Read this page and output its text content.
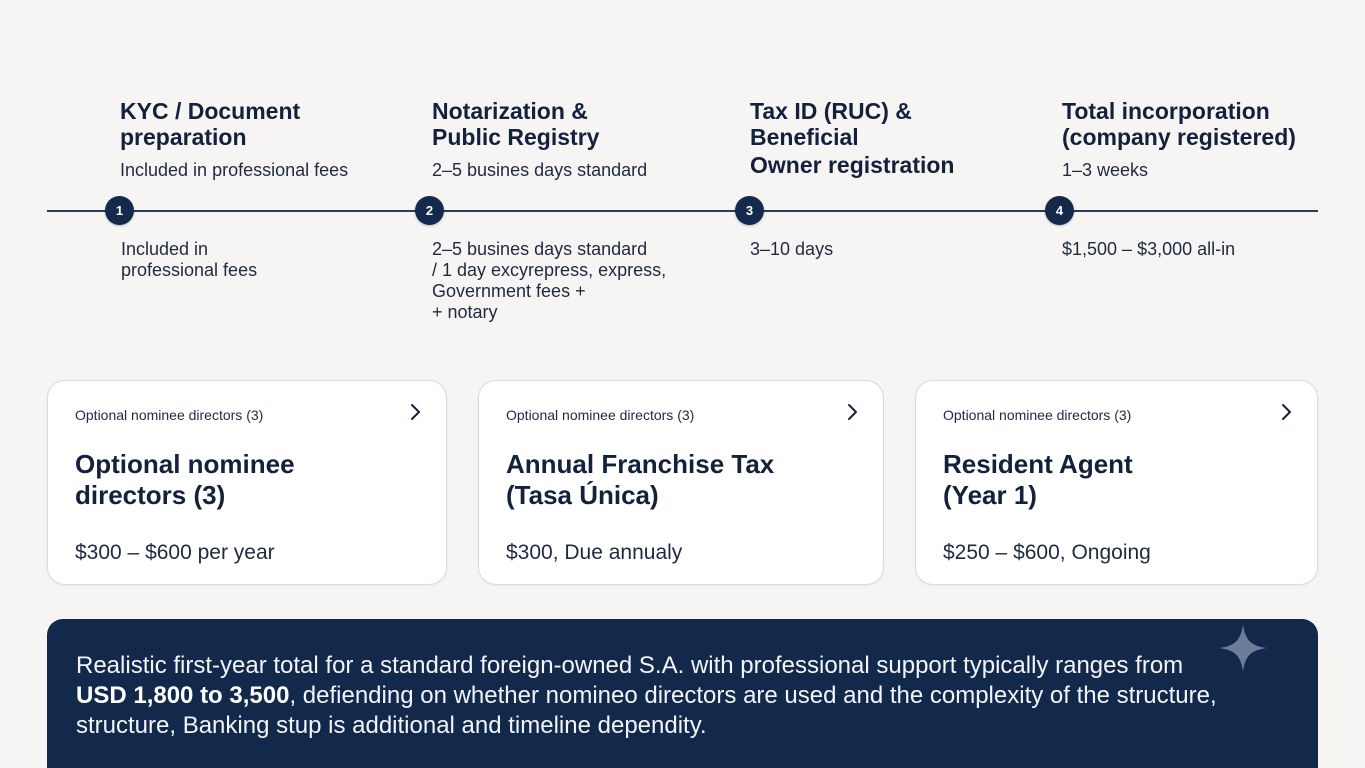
KYC / Document
preparation
Included in professional fees
1
Included in
professional fees
Notarization &
Public Registry
2–5 busines days standard
2
2–5 busines days standard
/ 1 day excyrepress, express,
Government fees +
+ notary
Tax ID (RUC) &
Beneficial
Owner registration
3
3–10 days
Total incorporation
(company registered)
1–3 weeks
4
$1,500 – $3,000 all-in
Optional nominee directors (3)
Optional nominee
directors (3)
$300 – $600 per year
Optional nominee directors (3)
Annual Franchise Tax
(Tasa Única)
$300, Due annualy
Optional nominee directors (3)
Resident Agent
(Year 1)
$250 – $600, Ongoing
Realistic first-year total for a standard foreign-owned S.A. with professional support typically ranges from
USD 1,800 to 3,500, defiending on whether nomineo directors are used and the complexity of the structure,
structure, Banking stup is additional and timeline dependity.
